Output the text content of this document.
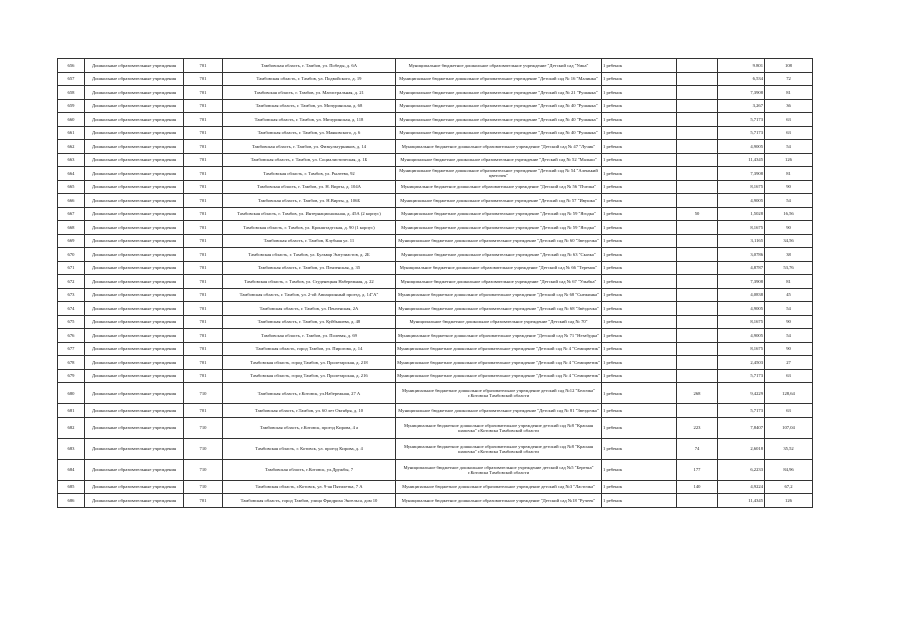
656	Дошкольные образовательные учреждения	701	Тамбовская область, г. Тамбов, ул. Победы, д. 6А	Муниципальное бюджетное дошкольное образовательное учреждение "Детский сад "Умка"	1 ребенок		9.801	108
657	Дошкольные образовательные учреждения	701	Тамбовская область, г. Тамбов, ул. Подвойского, д. 19	Муниципальное бюджетное дошкольное образовательное учреждение "Детский сад № 16 "Малинка"	1 ребенок		6,534	72
658	Дошкольные образовательные учреждения	701	Тамбовская область, г. Тамбов, ул. Магистральная, д. 21	Муниципальное бюджетное дошкольное образовательное учреждение "Детский сад № 21 "Рушанка"	1 ребенок		7,3908	81
659	Дошкольные образовательные учреждения	701	Тамбовская область, г. Тамбов, ул. Мичуринская, д. 68	Муниципальное бюджетное дошкольное образовательное учреждение "Детский сад № 40 "Рушанка"	1 ребенок		3,267	36
660	Дошкольные образовательные учреждения	701	Тамбовская область, г. Тамбов, ул. Мичуринская, д. 118	Муниципальное бюджетное дошкольное образовательное учреждение "Детский сад № 40 "Рушанка"	1 ребенок		5,7173	63
661	Дошкольные образовательные учреждения	701	Тамбовская область, г. Тамбов, ул. Маяковского, д. 6	Муниципальное бюджетное дошкольное образовательное учреждение "Детский сад № 40 "Рушанка"	1 ребенок		5,7173	63
662	Дошкольные образовательные учреждения	701	Тамбовская область, г. Тамбов, ул. Физкультурников, д. 14	Муниципальное бюджетное дошкольное образовательное учреждение "Детский сад № 47 "Лучик"	1 ребенок		4,9005	54
663	Дошкольные образовательные учреждения	701	Тамбовская область, г. Тамбов, ул. Социалистическая, д. 1Б	Муниципальное бюджетное дошкольное образовательное учреждение "Детский сад № 52 "Малыш"	1 ребенок		11,4345	126
664	Дошкольные образовательные учреждения	701	Тамбовская область, г. Тамбов, ул. Рылеева, 92	Муниципальное бюджетное дошкольное образовательное учреждение "Детский сад № 54 "Аленький цветочек"	1 ребенок		7,3908	81
665	Дошкольные образовательные учреждения	701	Тамбовская область, г. Тамбов, ул. Н. Вирты, д. 104А	Муниципальное бюджетное дошкольное образовательное учреждение "Детский сад № 56 "Пчелка"	1 ребенок		8,1675	90
666	Дошкольные образовательные учреждения	701	Тамбовская область, г. Тамбов, ул. Н.Вирты, д. 106Б	Муниципальное бюджетное дошкольное образовательное учреждение "Детский сад № 57 "Ивушка"	1 ребенок		4,9005	54
667	Дошкольные образовательные учреждения	701	Тамбовская область, г. Тамбов, ул. Интернациональная, д. 45А (2 корпус)	Муниципальное бюджетное дошкольное образовательное учреждение "Детский сад № 59 "Ягодка"	1 ребенок	50	1,5028	16,56
668	Дошкольные образовательные учреждения	701	Тамбовская область, г. Тамбов, ул. Кронштадтская, д. 90 (1 корпус)	Муниципальное бюджетное дошкольное образовательное учреждение "Детский сад № 59 "Ягодка"	1 ребенок		8,1675	90
669	Дошкольные образовательные учреждения	701	Тамбовская область, г. Тамбов, Клубная ул. 11	Муниципальное бюджетное дошкольное образовательное учреждение "Детский сад № 60 "Звездочка"	1 ребенок		3,1165	34,56
670	Дошкольные образовательные учреждения	701	Тамбовская область, г. Тамбов, ул. Бульвар Энтузиастов, д. 2Б	Муниципальное бюджетное дошкольное образовательное учреждение "Детский сад № 63 "Сказка"	1 ребенок		3,0786	38
671	Дошкольные образовательные учреждения	701	Тамбовская область, г. Тамбов, ул. Пензенская, д. 35	Муниципальное бюджетное дошкольное образовательное учреждение "Детский сад № 66 "Теремок"	1 ребенок		4,8787	53,76
672	Дошкольные образовательные учреждения	701	Тамбовская область, г. Тамбов, ул. Студенецкая Набережная, д. 22	Муниципальное бюджетное дошкольное образовательное учреждение "Детский сад № 67 "Улыбка"	1 ребенок		7,3908	81
673	Дошкольные образовательные учреждения	701	Тамбовская область, г. Тамбов, ул. 2-ой Авиационный проезд, д. 14"А"	Муниципальное бюджетное дошкольное образовательное учреждение "Детский сад № 68 "Снежинка"	1 ребенок		4,0838	45
674	Дошкольные образовательные учреждения	701	Тамбовская область, г. Тамбов, ул. Пензенская, 2А	Муниципальное бюджетное дошкольное образовательное учреждение "Детский сад № 68 "Звёздочка"	1 ребенок		4,9005	54
675	Дошкольные образовательные учреждения	701	Тамбовская область, г. Тамбов, ул. Куйбышева, д. 48	Муниципальное бюджетное дошкольное образовательное учреждение "Детский сад № 70"	1 ребенок		8,1675	90
676	Дошкольные образовательные учреждения	701	Тамбовская область, г. Тамбов, ул. Полевая, д. 69	Муниципальное бюджетное дошкольное образовательное учреждение "Детский сад № 71 "Незабудка"	1 ребенок		4,9005	54
677	Дошкольные образовательные учреждения	701	Тамбовская область, город Тамбов, ул. Пирогова, д. 14	Муниципальное бюджетное дошкольное образовательное учреждение "Детский сад № 4 "Семицветик"	1 ребенок		8,1675	90
678	Дошкольные образовательные учреждения	701	Тамбовская область, город Тамбов, ул. Пролетарская, д. 218	Муниципальное бюджетное дошкольное образовательное учреждение "Детский сад № 4 "Семицветик"	1 ребенок		2,4503	27
679	Дошкольные образовательные учреждения	701	Тамбовская область, город Тамбов, ул. Пролетарская, д. 216	Муниципальное бюджетное дошкольное образовательное учреждение "Детский сад № 4 "Семицветик"	1 ребенок		5,7173	63
680	Дошкольные образовательные учреждения	710	Тамбовская область, г.Котовск, ул.Набережная, 27 А	Муниципальное бюджетное дошкольное образовательное учреждение детский сад №12 "Белочка" г.Котовска Тамбовской области	1 ребенок	268	9,4229	128,64
681	Дошкольные образовательные учреждения	701	Тамбовская область, г.Тамбов, ул. 60 лет Октября, д. 10	Муниципальное бюджетное дошкольное образовательное учреждение "Детский сад № 81 "Звездочка"	1 ребенок		5,7173	63
682	Дошкольные образовательные учреждения	710	Тамбовская область, г.Котовск, проезд Кирова, 4 а	Муниципальное бюджетное дошкольное образовательное учреждение детский сад №8 "Красная шапочка" г.Котовска Тамбовской области	1 ребенок	223	7,8407	107,04
683	Дошкольные образовательные учреждения	710	Тамбовская область, г. Котовск, ул. проезд Кирова, д. 4	Муниципальное бюджетное дошкольное образовательное учреждение детский сад №8 "Красная шапочка" г.Котовска Тамбовской области	1 ребенок	74	2,6018	35,52
684	Дошкольные образовательные учреждения	710	Тамбовская область, г.Котовск, ул.Дружбы, 7	Муниципальное бюджетное дошкольное образовательное учреждение детский сад №5 "Березка" г.Котовска Тамбовской области	1 ребенок	177	6,2233	84,96
685	Дошкольные образовательные учреждения	710	Тамбовская область, г.Котовск, ул. 9-ая Пятилетка, 7 А	Муниципальное бюджетное дошкольное образовательное учреждение детский сад №3 "Ласточка"	1 ребенок	140	4,9224	67,2
686	Дошкольные образовательные учреждения	701	Тамбовская область, город Тамбов, улица Фридриха Энгельса, дом 10	Муниципальное бюджетное дошкольное образовательное учреждение "Детский сад №18 "Ручеек"	1 ребенок		11,4345	126
